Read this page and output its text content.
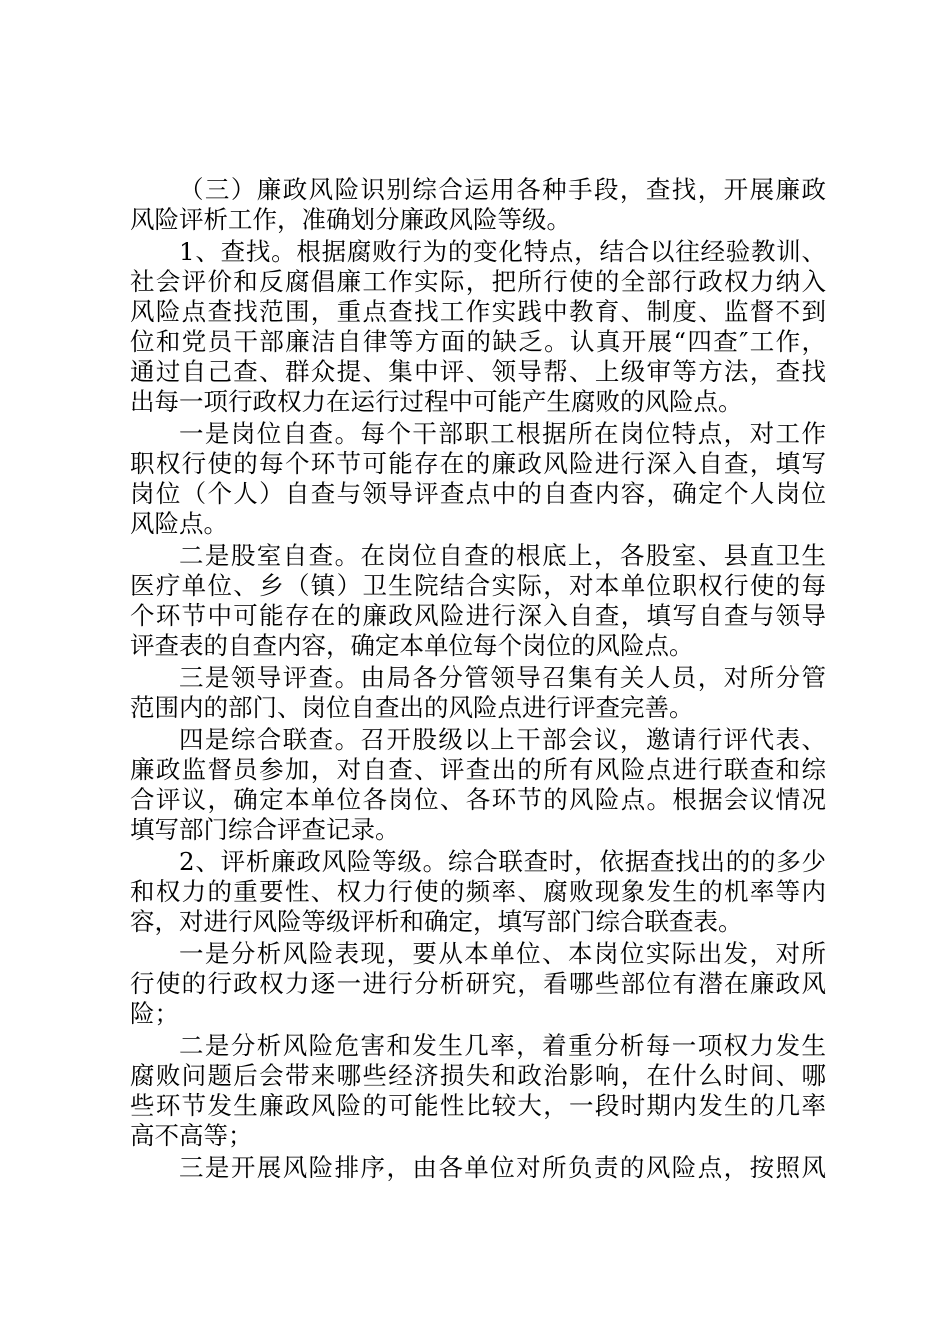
（三）廉政风险识别综合运用各种手段，查找，开展廉政
风险评析工作，准确划分廉政风险等级。
1、查找。根据腐败行为的变化特点，结合以往经验教训、
社会评价和反腐倡廉工作实际，把所行使的全部行政权力纳入
风险点查找范围，重点查找工作实践中教育、制度、监督不到
位和党员干部廉洁自律等方面的缺乏。认真开展“四查″工作，
通过自己查、群众提、集中评、领导帮、上级审等方法，查找
出每一项行政权力在运行过程中可能产生腐败的风险点。
一是岗位自查。每个干部职工根据所在岗位特点，对工作
职权行使的每个环节可能存在的廉政风险进行深入自查，填写
岗位（个人）自查与领导评查点中的自查内容，确定个人岗位
风险点。
二是股室自查。在岗位自查的根底上，各股室、县直卫生
医疗单位、乡（镇）卫生院结合实际，对本单位职权行使的每
个环节中可能存在的廉政风险进行深入自查，填写自查与领导
评查表的自查内容，确定本单位每个岗位的风险点。
三是领导评查。由局各分管领导召集有关人员，对所分管
范围内的部门、岗位自查出的风险点进行评查完善。
四是综合联查。召开股级以上干部会议，邀请行评代表、
廉政监督员参加，对自查、评查出的所有风险点进行联查和综
合评议，确定本单位各岗位、各环节的风险点。根据会议情况
填写部门综合评查记录。
2、评析廉政风险等级。综合联查时，依据查找出的的多少
和权力的重要性、权力行使的频率、腐败现象发生的机率等内
容，对进行风险等级评析和确定，填写部门综合联查表。
一是分析风险表现，要从本单位、本岗位实际出发，对所
行使的行政权力逐一进行分析研究，看哪些部位有潜在廉政风
险；
二是分析风险危害和发生几率，着重分析每一项权力发生
腐败问题后会带来哪些经济损失和政治影响，在什么时间、哪
些环节发生廉政风险的可能性比较大，一段时期内发生的几率
高不高等；
三是开展风险排序，由各单位对所负责的风险点，按照风
